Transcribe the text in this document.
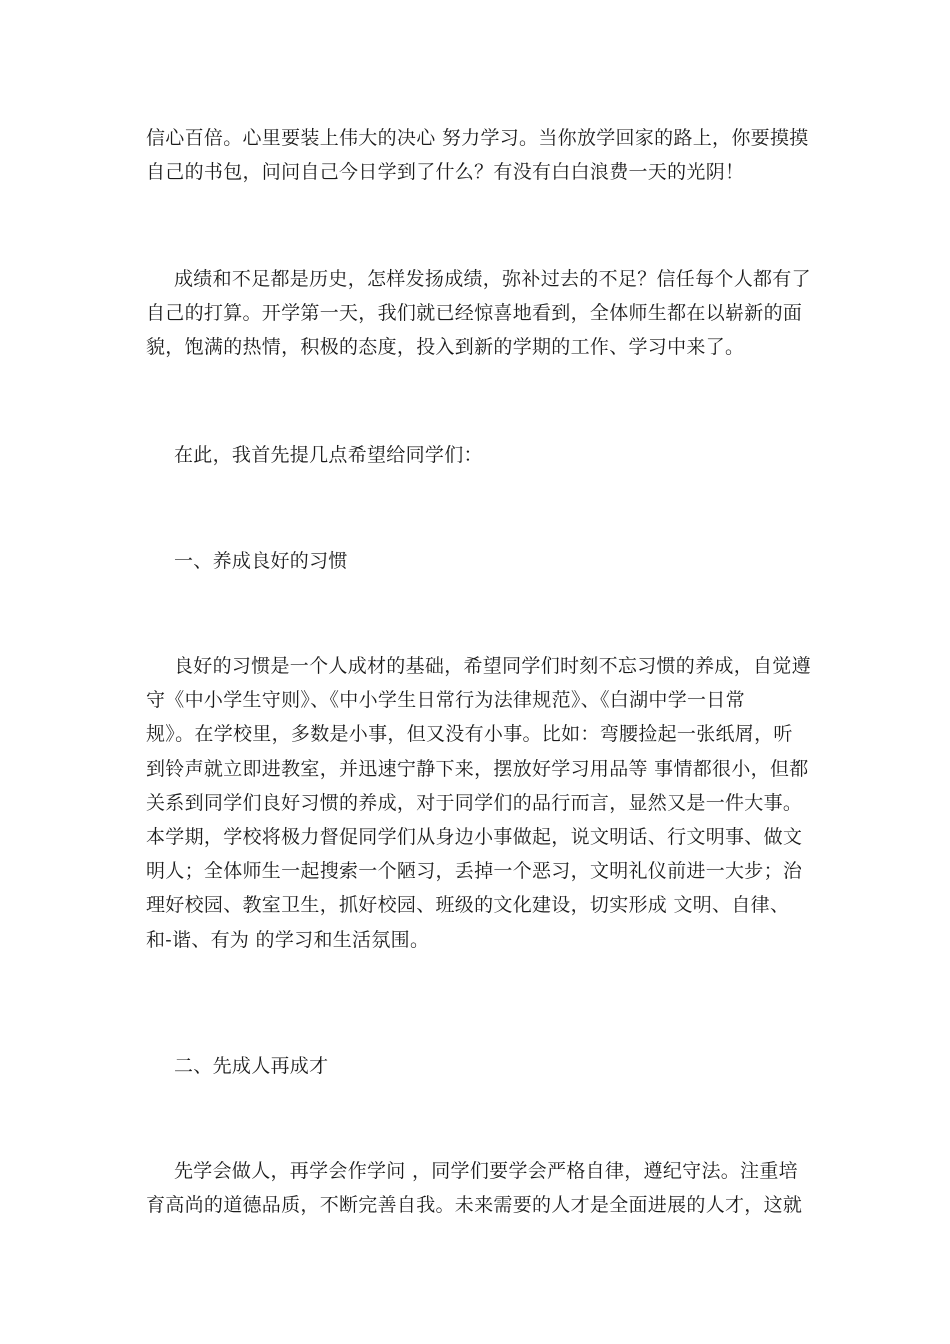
信心百倍。心里要装上伟大的决心 努力学习。当你放学回家的路上，你要摸摸
自己的书包，问问自己今日学到了什么？有没有白白浪费一天的光阴！

成绩和不足都是历史，怎样发扬成绩，弥补过去的不足？信任每个人都有了
自己的打算。开学第一天，我们就已经惊喜地看到，全体师生都在以崭新的面
貌，饱满的热情，积极的态度，投入到新的学期的工作、学习中来了。

在此，我首先提几点希望给同学们：

一、养成良好的习惯

良好的习惯是一个人成材的基础，希望同学们时刻不忘习惯的养成，自觉遵
守《中小学生守则》、《中小学生日常行为法律规范》、《白湖中学一日常
规》。在学校里，多数是小事，但又没有小事。比如：弯腰捡起一张纸屑，听
到铃声就立即进教室，并迅速宁静下来，摆放好学习用品等 事情都很小，但都
关系到同学们良好习惯的养成，对于同学们的品行而言，显然又是一件大事。
本学期，学校将极力督促同学们从身边小事做起，说文明话、行文明事、做文
明人；全体师生一起搜索一个陋习，丢掉一个恶习，文明礼仪前进一大步；治
理好校园、教室卫生，抓好校园、班级的文化建设，切实形成 文明、自律、
和-谐、有为 的学习和生活氛围。

二、先成人再成才

先学会做人，再学会作学问 ，同学们要学会严格自律，遵纪守法。注重培
育高尚的道德品质，不断完善自我。未来需要的人才是全面进展的人才，这就
